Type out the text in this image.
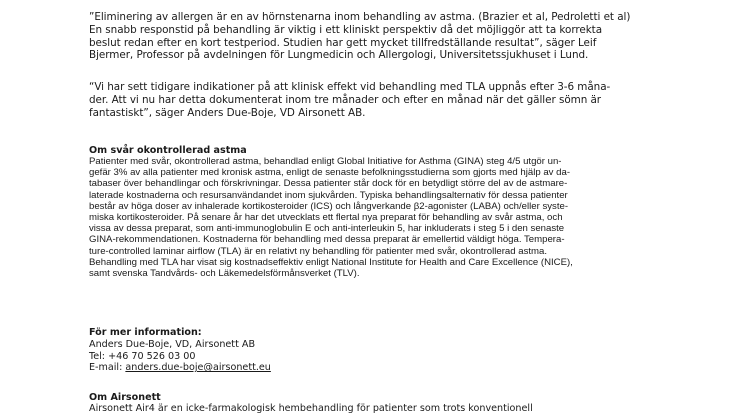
”Eliminering av allergen är en av hörnstenarna inom behandling av astma. (Brazier et al, Pedroletti et al)
En snabb responstid på behandling är viktig i ett kliniskt perspektiv då det möjliggör att ta korrekta
beslut redan efter en kort testperiod. Studien har gett mycket tillfredställande resultat”, säger Leif
Bjermer, Professor på avdelningen för Lungmedicin och Allergologi, Universitetssjukhuset i Lund.
“Vi har sett tidigare indikationer på att klinisk effekt vid behandling med TLA uppnås efter 3-6 måna-
der. Att vi nu har detta dokumenterat inom tre månader och efter en månad när det gäller sömn är
fantastiskt”, säger Anders Due-Boje, VD Airsonett AB.
Om svår okontrollerad astma
Patienter med svår, okontrollerad astma, behandlad enligt Global Initiative for Asthma (GINA) steg 4/5 utgör un-
gefär 3% av alla patienter med kronisk astma, enligt de senaste befolkningsstudierna som gjorts med hjälp av da-
tabaser över behandlingar och förskrivningar. Dessa patienter står dock för en betydligt större del av de astmare-
laterade kostnaderna och resursanvändandet inom sjukvården. Typiska behandlingsalternativ för dessa patienter
består av höga doser av inhalerade kortikosteroider (ICS) och långverkande β2-agonister (LABA) och/eller syste-
miska kortikosteroider. På senare år har det utvecklats ett flertal nya preparat för behandling av svår astma, och
vissa av dessa preparat, som anti-immunoglobulin E och anti-interleukin 5, har inkluderats i steg 5 i den senaste
GINA-rekommendationen. Kostnaderna för behandling med dessa preparat är emellertid väldigt höga. Tempera-
ture-controlled laminar airflow (TLA) är en relativt ny behandling för patienter med svår, okontrollerad astma.
Behandling med TLA har visat sig kostnadseffektiv enligt National Institute for Health and Care Excellence (NICE),
samt svenska Tandvårds- och Läkemedelsförmånsverket (TLV).
För mer information:
Anders Due-Boje, VD, Airsonett AB
Tel: +46 70 526 03 00
E-mail: anders.due-boje@airsonett.eu
Om Airsonett
Airsonett Air4 är en icke-farmakologisk hembehandling för patienter som trots konventionell
